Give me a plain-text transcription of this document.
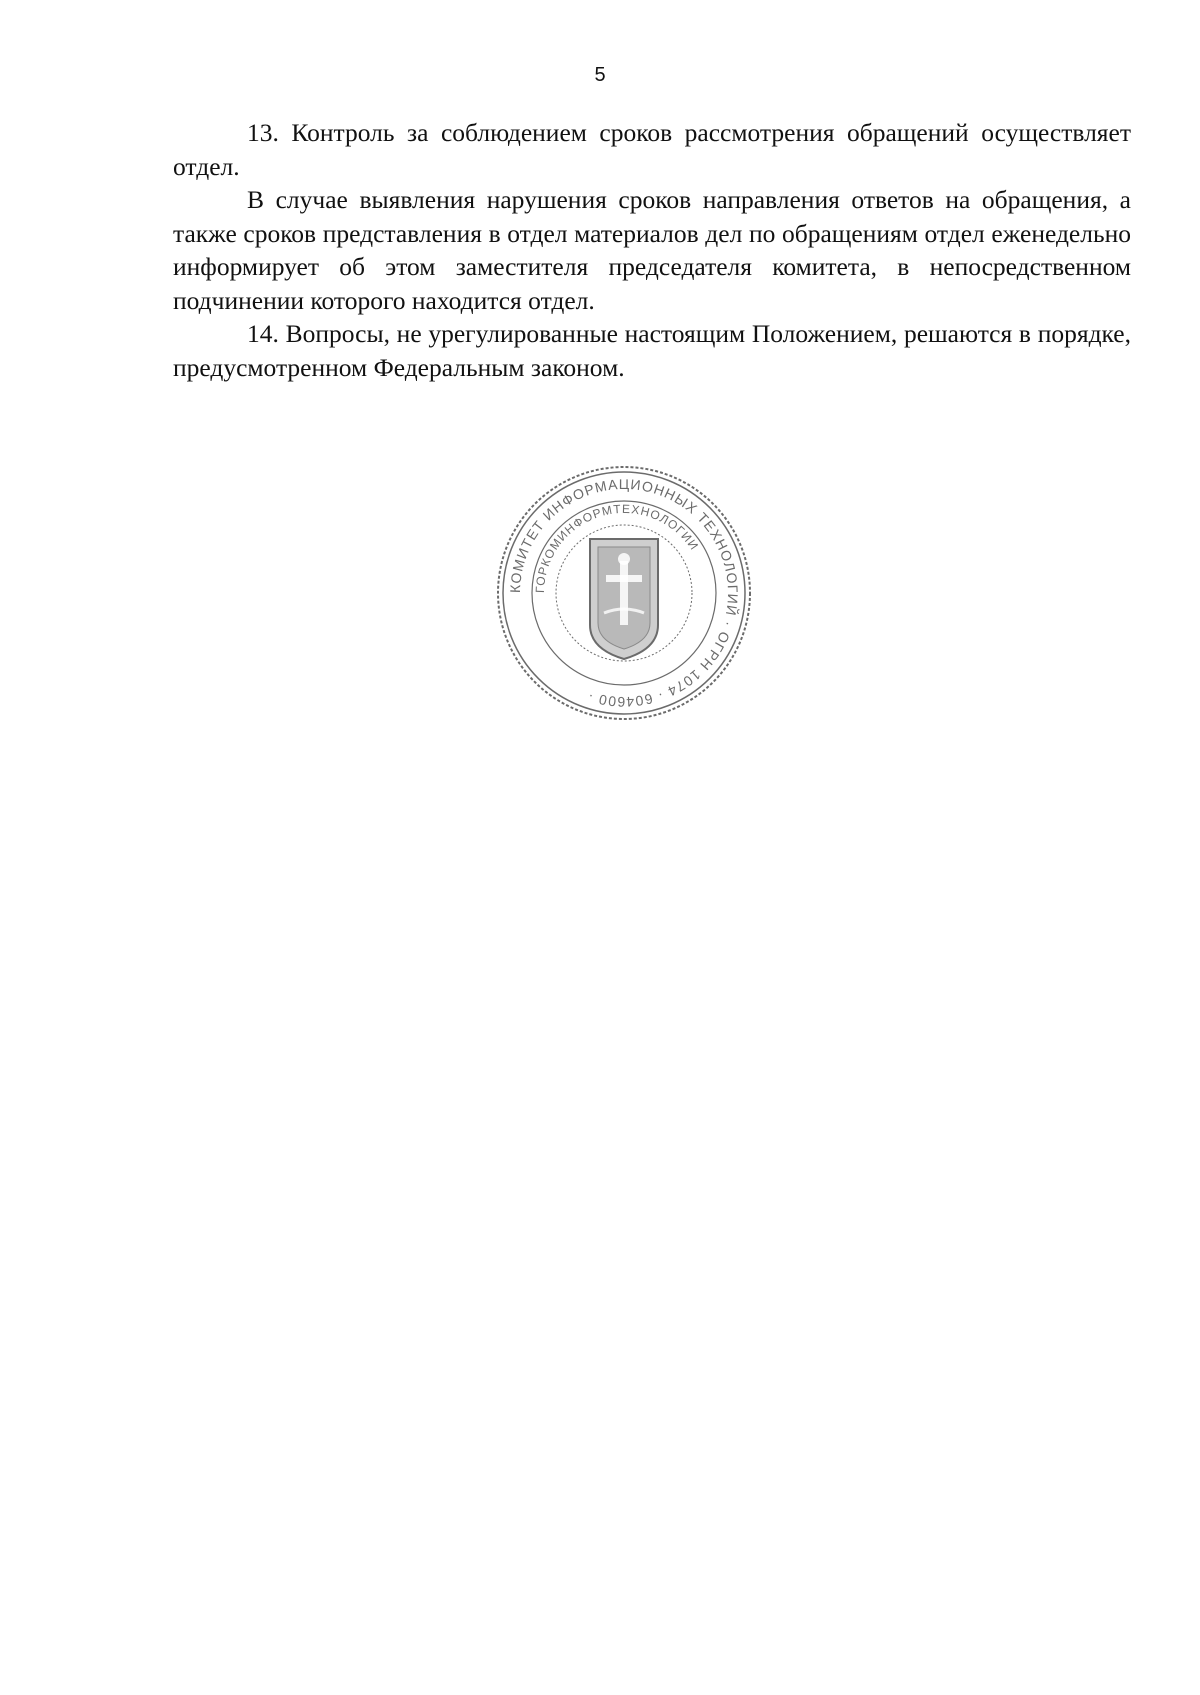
5

13. Контроль за соблюдением сроков рассмотрения обращений осуществляет отдел.

В случае выявления нарушения сроков направления ответов на обращения, а также сроков представления в отдел материалов дел по обращениям отдел еженедельно информирует об этом заместителя председателя комитета, в непосредственном подчинении которого находится отдел.

14. Вопросы, не урегулированные настоящим Положением, решаются в порядке, предусмотренном Федеральным законом.

КОМИТЕТ ИНФОРМАЦИОННЫХ ТЕХНОЛОГИЙ · ОГРН 1074 · 604600 ·
ГОРКОМИНФОРМТЕХНОЛОГИИ
